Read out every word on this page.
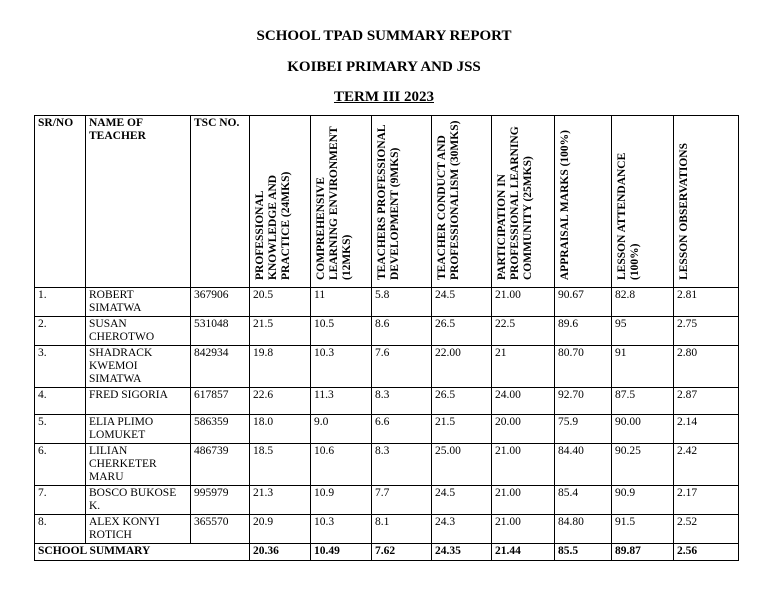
SCHOOL TPAD SUMMARY REPORT
KOIBEI PRIMARY AND JSS
TERM III 2023
SR/NO	NAME OF TEACHER	TSC NO.	PROFESSIONAL KNOWLEDGE AND PRACTICE (24MKS)	COMPREHENSIVE LEARNING ENVIRONMENT (12MKS)	TEACHERS PROFESSIONAL DEVELOPMENT (9MKS)	TEACHER CONDUCT AND PROFESSIONALISM (30MKS)	PARTICIPATION IN PROFESSIONAL LEARNING COMMUNITY (25MKS)	APPRAISAL MARKS (100%)	LESSON ATTENDANCE (100%)	LESSON OBSERVATIONS
1.	ROBERT SIMATWA	367906	20.5	11	5.8	24.5	21.00	90.67	82.8	2.81
2.	SUSAN CHEROTWO	531048	21.5	10.5	8.6	26.5	22.5	89.6	95	2.75
3.	SHADRACK KWEMOI SIMATWA	842934	19.8	10.3	7.6	22.00	21	80.70	91	2.80
4.	FRED SIGORIA	617857	22.6	11.3	8.3	26.5	24.00	92.70	87.5	2.87
5.	ELIA PLIMO LOMUKET	586359	18.0	9.0	6.6	21.5	20.00	75.9	90.00	2.14
6.	LILIAN CHERKETER MARU	486739	18.5	10.6	8.3	25.00	21.00	84.40	90.25	2.42
7.	BOSCO BUKOSE K.	995979	21.3	10.9	7.7	24.5	21.00	85.4	90.9	2.17
8.	ALEX KONYI ROTICH	365570	20.9	10.3	8.1	24.3	21.00	84.80	91.5	2.52
SCHOOL SUMMARY			20.36	10.49	7.62	24.35	21.44	85.5	89.87	2.56
